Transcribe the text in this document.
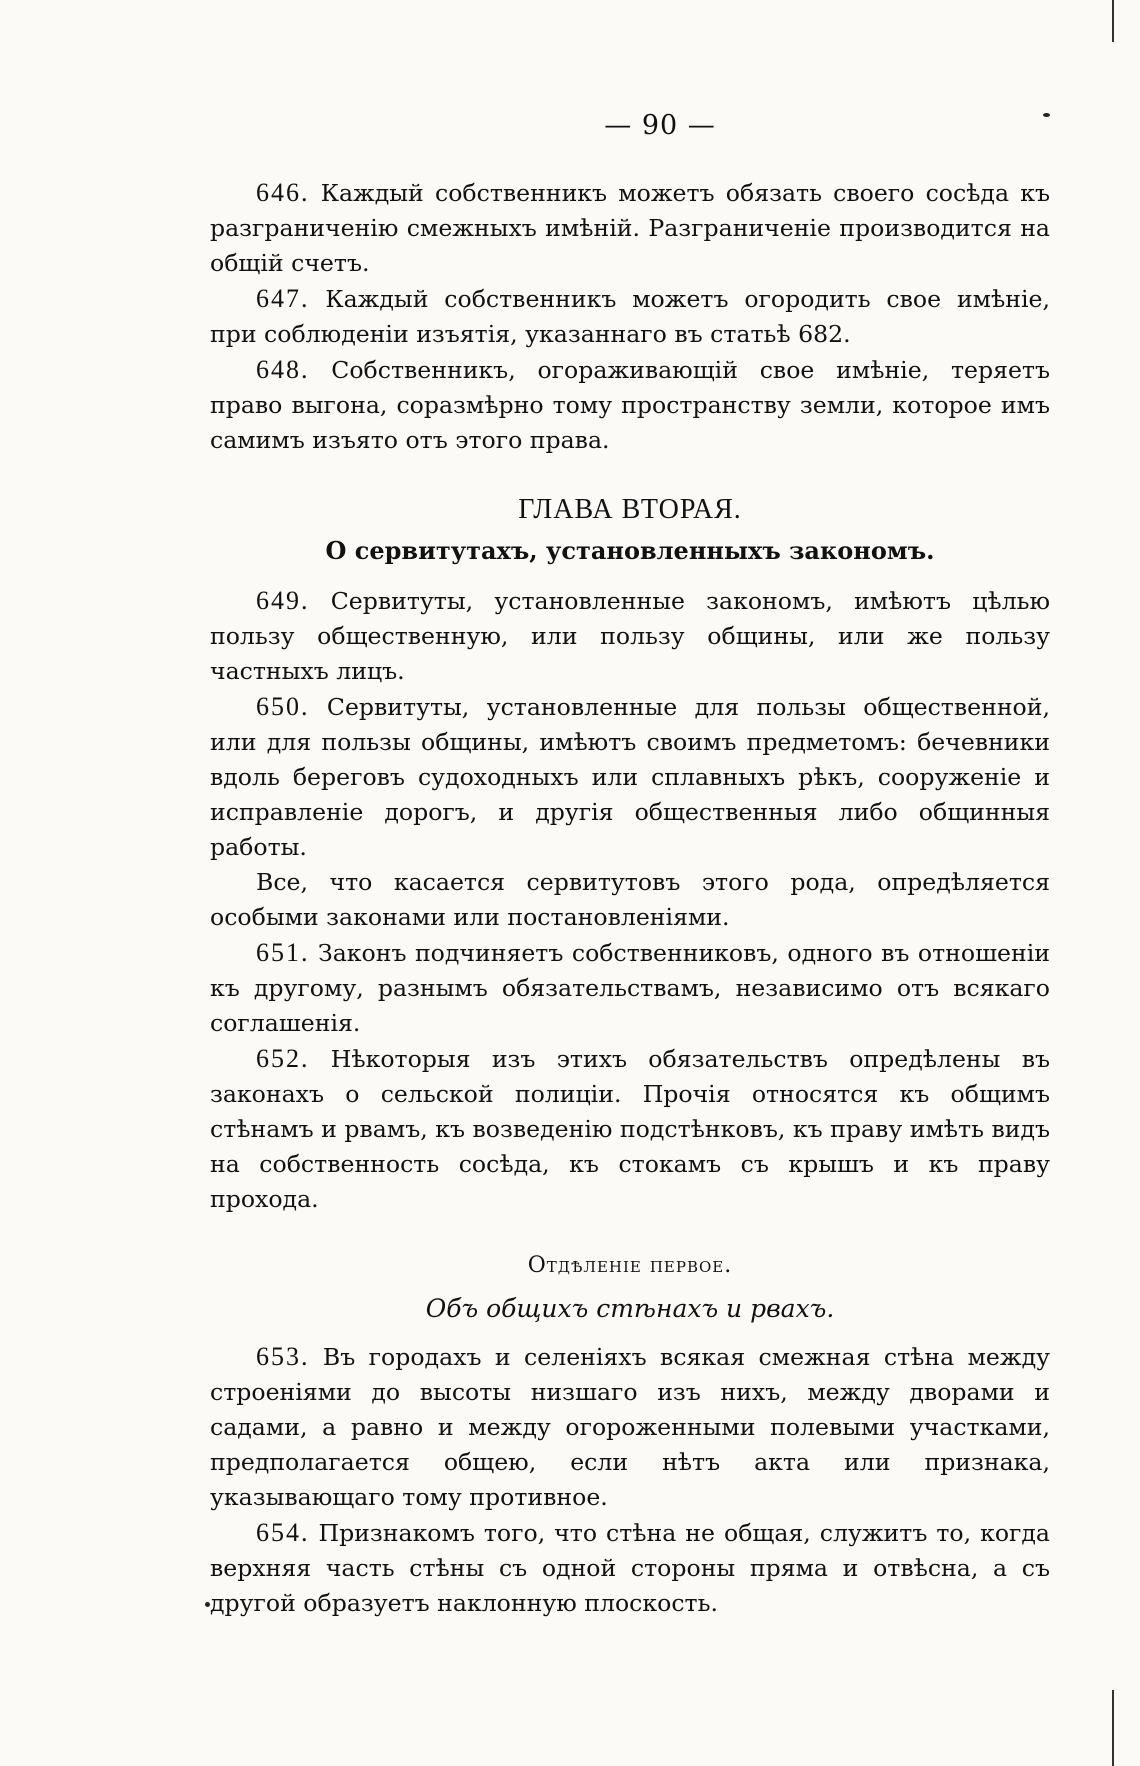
— 90 —

646. Каждый собственникъ можетъ обязать своего сосѣда къ разграниченію смежныхъ имѣній. Разграниченіе производится на общій счетъ.

647. Каждый собственникъ можетъ огородить свое имѣніе, при соблюденіи изъятія, указаннаго въ статьѣ 682.

648. Собственникъ, огораживающій свое имѣніе, теряетъ право выгона, соразмѣрно тому пространству земли, которое имъ самимъ изъято отъ этого права.

ГЛАВА ВТОРАЯ.
О сервитутахъ, установленныхъ закономъ.

649. Сервитуты, установленные закономъ, имѣютъ цѣлью пользу общественную, или пользу общины, или же пользу частныхъ лицъ.

650. Сервитуты, установленные для пользы общественной, или для пользы общины, имѣютъ своимъ предметомъ: бечевники вдоль береговъ судоходныхъ или сплавныхъ рѣкъ, сооруженіе и исправленіе дорогъ, и другія общественныя либо общинныя работы.

Все, что касается сервитутовъ этого рода, опредѣляется особыми законами или постановленіями.

651. Законъ подчиняетъ собственниковъ, одного въ отношеніи къ другому, разнымъ обязательствамъ, независимо отъ всякаго соглашенія.

652. Нѣкоторыя изъ этихъ обязательствъ опредѣлены въ законахъ о сельской полиціи. Прочія относятся къ общимъ стѣнамъ и рвамъ, къ возведенію подстѣнковъ, къ праву имѣть видъ на собственность сосѣда, къ стокамъ съ крышъ и къ праву прохода.

Отдѣленіе первое.
Объ общихъ стѣнахъ и рвахъ.

653. Въ городахъ и селеніяхъ всякая смежная стѣна между строеніями до высоты низшаго изъ нихъ, между дворами и садами, а равно и между огороженными полевыми участками, предполагается общею, если нѣтъ акта или признака, указывающаго тому противное.

654. Признакомъ того, что стѣна не общая, служитъ то, когда верхняя часть стѣны съ одной стороны пряма и отвѣсна, а съ другой образуетъ наклонную плоскость.
